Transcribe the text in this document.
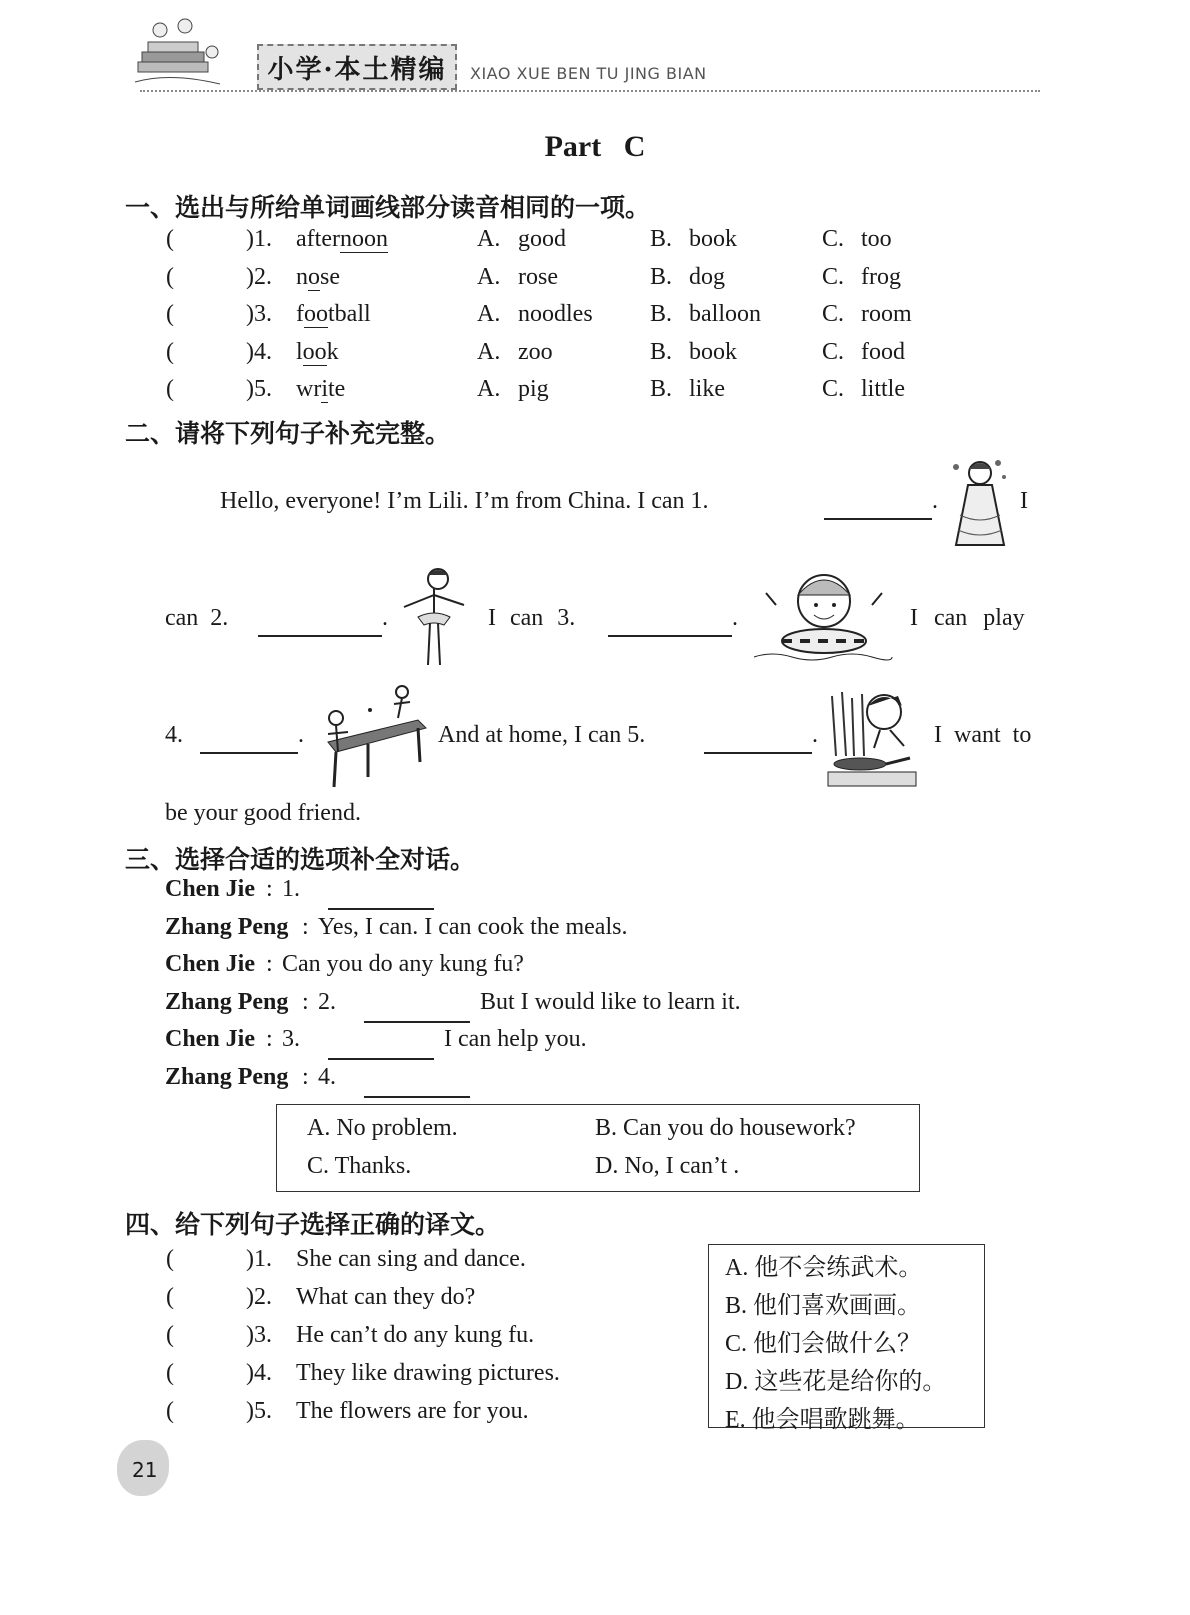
小学·本土精编	XIAO XUE BEN TU JING BIAN
Part   C
一、选出与所给单词画线部分读音相同的一项。
(	)1. afternoon	A. good	B. book	C. too
(	)2. nose	A. rose	B. dog	C. frog
(	)3. football	A. noodles B. balloon	C. room
(	)4. look	A. zoo	B. book	C. food
(	)5. write	A. pig	B. like	C. little
二、请将下列句子补充完整。
Hello, everyone! I’m Lili. I’m from China. I can 1.	.	I
can 2.	.	I can 3.	.	I can play
4.	.	And at home, I can 5.	.	I want to
be your good friend.
三、选择合适的选项补全对话。
Chen Jie : 1.
Zhang Peng : Yes, I can. I can cook the meals.
Chen Jie : Can you do any kung fu?
Zhang Peng : 2.	But I would like to learn it.
Chen Jie : 3.	I can help you.
Zhang Peng : 4.
A. No problem.	B. Can you do housework?
C. Thanks.	D. No, I can’t .
四、给下列句子选择正确的译文。
(	)1. She can sing and dance.
(	)2. What can they do?
(	)3. He can’t do any kung fu.
(	)4. They like drawing pictures.
(	)5. The flowers are for you.
A. 他不会练武术。
B. 他们喜欢画画。
C. 他们会做什么？
D. 这些花是给你的。
E. 他会唱歌跳舞。
21
